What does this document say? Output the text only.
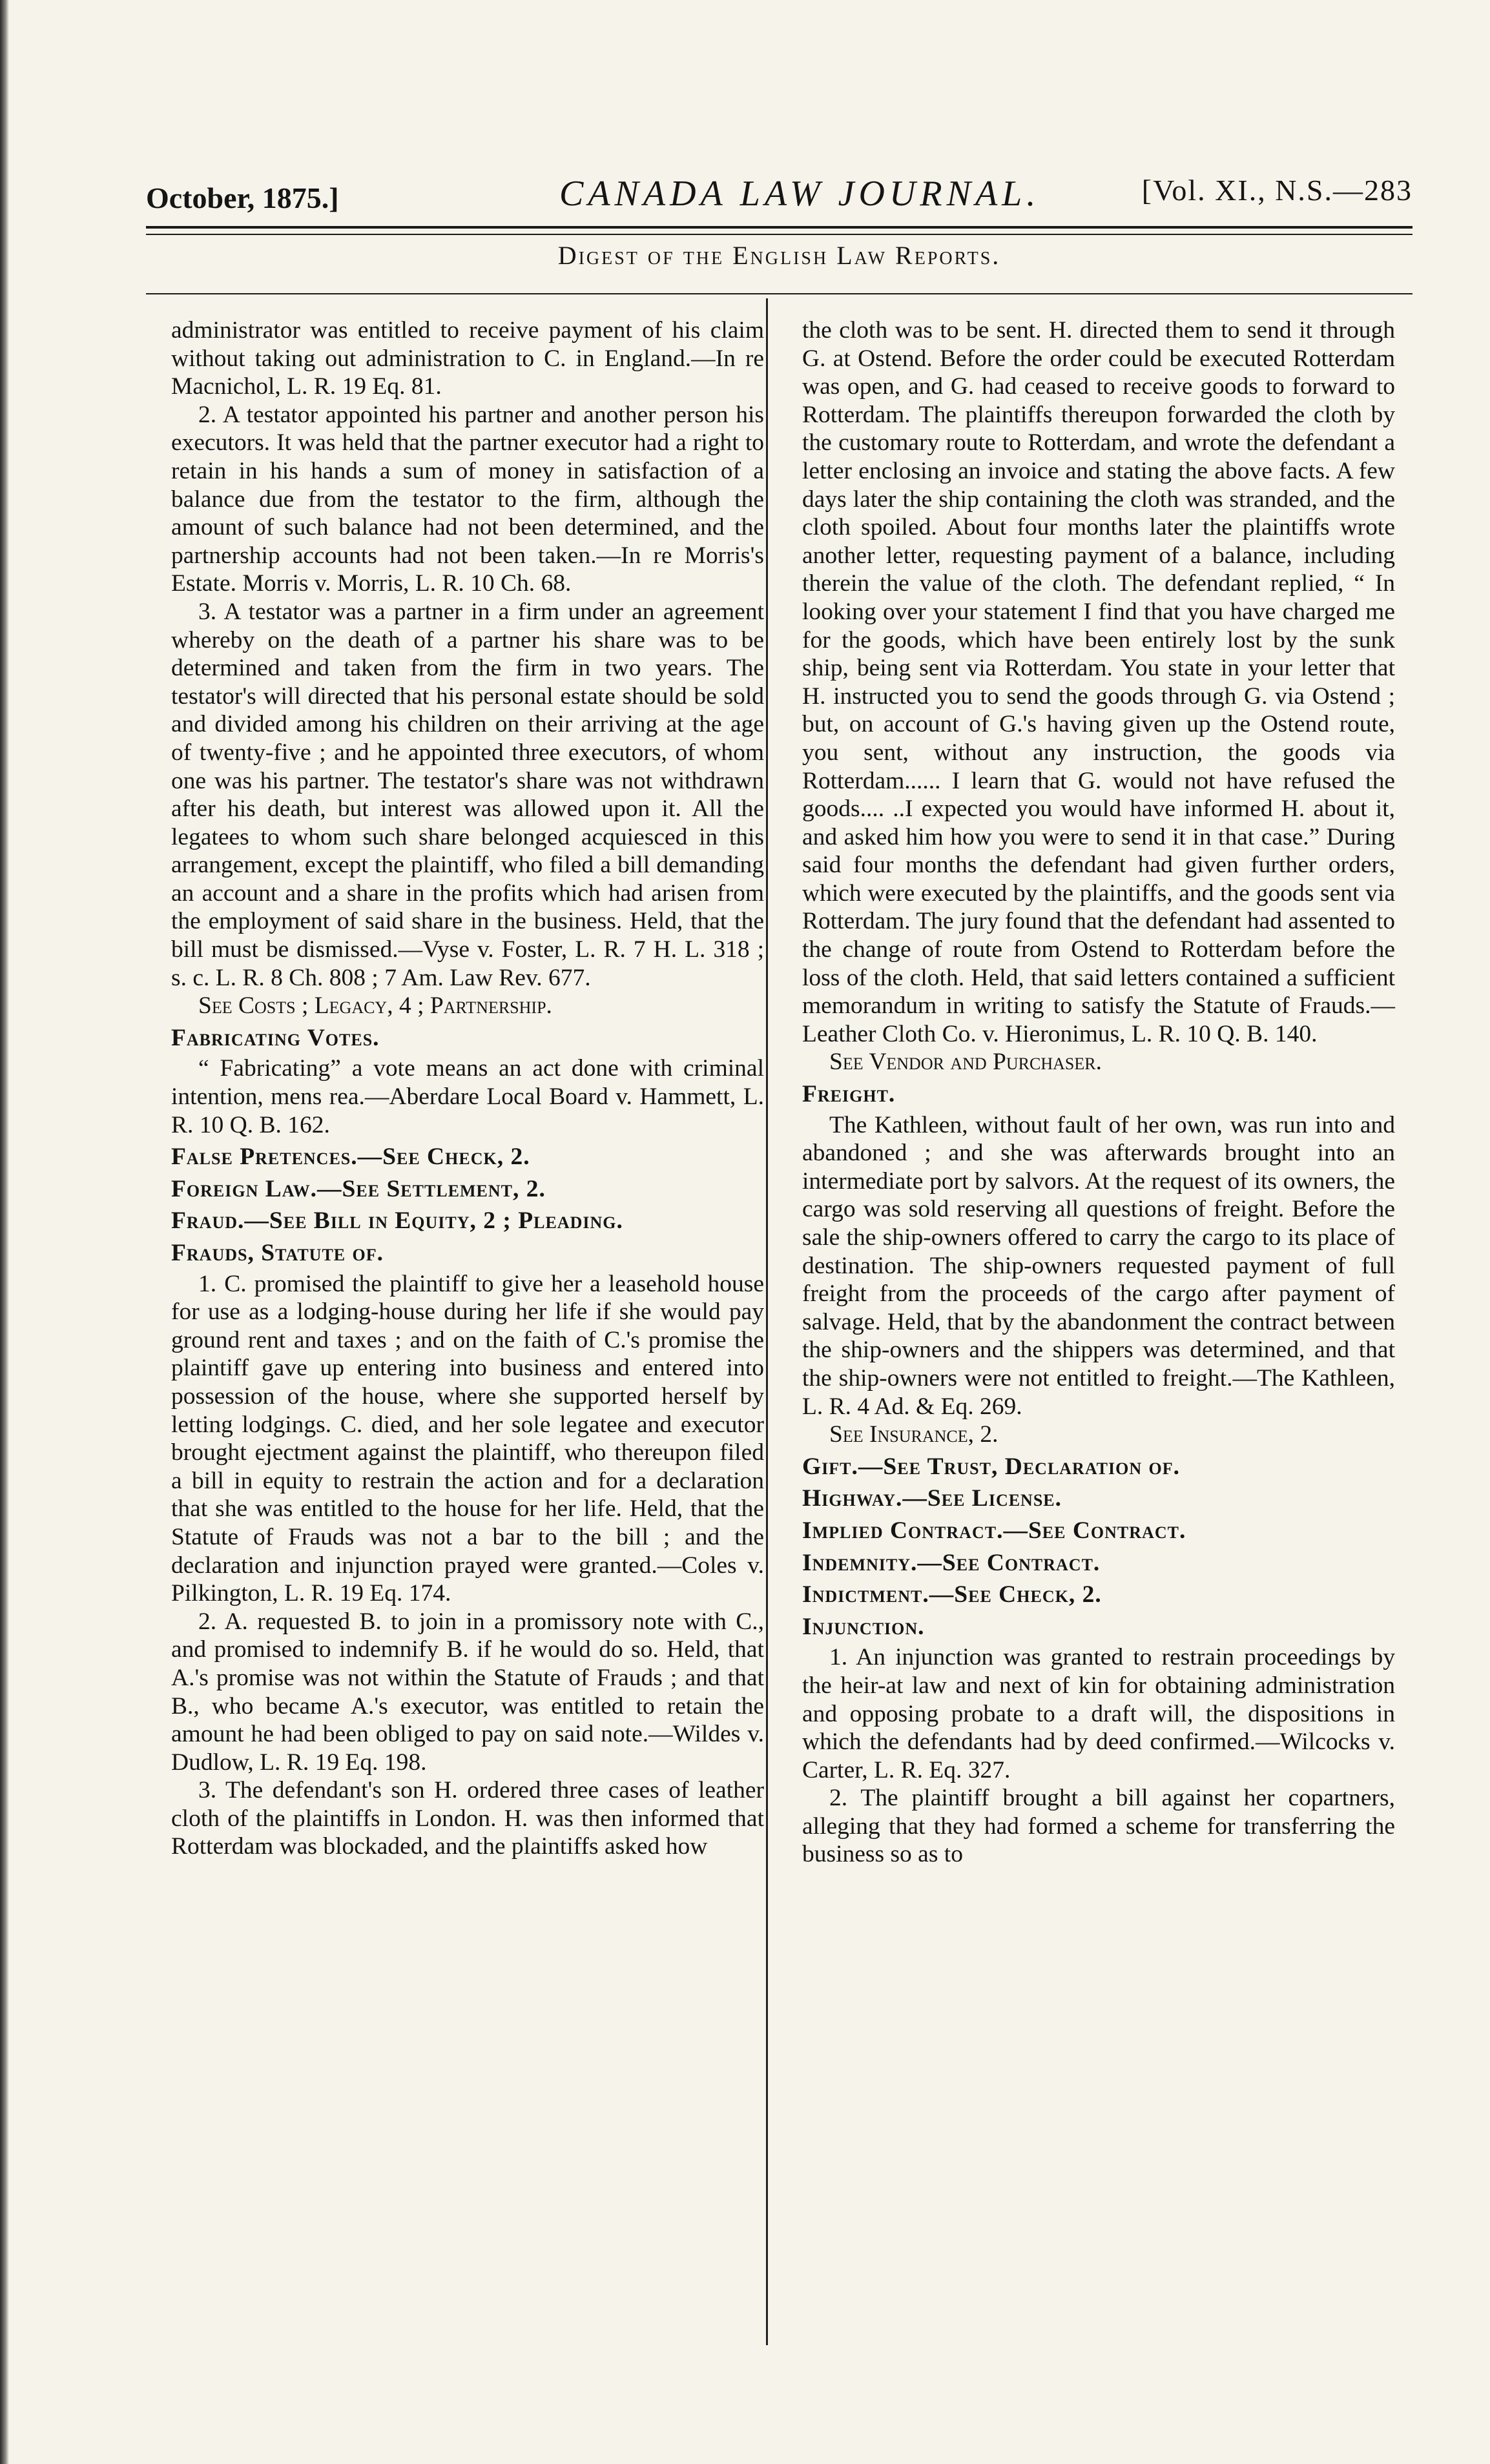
October, 1875.]	CANADA LAW JOURNAL.	[Vol. XI., N.S.—283
Digest of the English Law Reports.

administrator was entitled to receive payment of his claim without taking out administration to C. in England.—In re Macnichol, L. R. 19 Eq. 81.

2. A testator appointed his partner and another person his executors. It was held that the partner executor had a right to retain in his hands a sum of money in satisfaction of a balance due from the testator to the firm, although the amount of such balance had not been determined, and the partnership accounts had not been taken.—In re Morris's Estate. Morris v. Morris, L. R. 10 Ch. 68.

3. A testator was a partner in a firm under an agreement whereby on the death of a partner his share was to be determined and taken from the firm in two years. The testator's will directed that his personal estate should be sold and divided among his children on their arriving at the age of twenty-five ; and he appointed three executors, of whom one was his partner. The testator's share was not withdrawn after his death, but interest was allowed upon it. All the legatees to whom such share belonged acquiesced in this arrangement, except the plaintiff, who filed a bill demanding an account and a share in the profits which had arisen from the employment of said share in the business. Held, that the bill must be dismissed.—Vyse v. Foster, L. R. 7 H. L. 318 ; s. c. L. R. 8 Ch. 808 ; 7 Am. Law Rev. 677.

See Costs ; Legacy, 4 ; Partnership.

Fabricating Votes.

“ Fabricating” a vote means an act done with criminal intention, mens rea.—Aberdare Local Board v. Hammett, L. R. 10 Q. B. 162.

False Pretences.—See Check, 2.

Foreign Law.—See Settlement, 2.

Fraud.—See Bill in Equity, 2 ; Pleading.

Frauds, Statute of.

1. C. promised the plaintiff to give her a leasehold house for use as a lodging-house during her life if she would pay ground rent and taxes ; and on the faith of C.'s promise the plaintiff gave up entering into business and entered into possession of the house, where she supported herself by letting lodgings. C. died, and her sole legatee and executor brought ejectment against the plaintiff, who thereupon filed a bill in equity to restrain the action and for a declaration that she was entitled to the house for her life. Held, that the Statute of Frauds was not a bar to the bill ; and the declaration and injunction prayed were granted.—Coles v. Pilkington, L. R. 19 Eq. 174.

2. A. requested B. to join in a promissory note with C., and promised to indemnify B. if he would do so. Held, that A.'s promise was not within the Statute of Frauds ; and that B., who became A.'s executor, was entitled to retain the amount he had been obliged to pay on said note.—Wildes v. Dudlow, L. R. 19 Eq. 198.

3. The defendant's son H. ordered three cases of leather cloth of the plaintiffs in London. H. was then informed that Rotterdam was blockaded, and the plaintiffs asked how

the cloth was to be sent. H. directed them to send it through G. at Ostend. Before the order could be executed Rotterdam was open, and G. had ceased to receive goods to forward to Rotterdam. The plaintiffs thereupon forwarded the cloth by the customary route to Rotterdam, and wrote the defendant a letter enclosing an invoice and stating the above facts. A few days later the ship containing the cloth was stranded, and the cloth spoiled. About four months later the plaintiffs wrote another letter, requesting payment of a balance, including therein the value of the cloth. The defendant replied, “ In looking over your statement I find that you have charged me for the goods, which have been entirely lost by the sunk ship, being sent via Rotterdam. You state in your letter that H. instructed you to send the goods through G. via Ostend ; but, on account of G.'s having given up the Ostend route, you sent, without any instruction, the goods via Rotterdam...... I learn that G. would not have refused the goods.... ..I expected you would have informed H. about it, and asked him how you were to send it in that case.” During said four months the defendant had given further orders, which were executed by the plaintiffs, and the goods sent via Rotterdam. The jury found that the defendant had assented to the change of route from Ostend to Rotterdam before the loss of the cloth. Held, that said letters contained a sufficient memorandum in writing to satisfy the Statute of Frauds.—Leather Cloth Co. v. Hieronimus, L. R. 10 Q. B. 140.

See Vendor and Purchaser.

Freight.

The Kathleen, without fault of her own, was run into and abandoned ; and she was afterwards brought into an intermediate port by salvors. At the request of its owners, the cargo was sold reserving all questions of freight. Before the sale the ship-owners offered to carry the cargo to its place of destination. The ship-owners requested payment of full freight from the proceeds of the cargo after payment of salvage. Held, that by the abandonment the contract between the ship-owners and the shippers was determined, and that the ship-owners were not entitled to freight.—The Kathleen, L. R. 4 Ad. & Eq. 269.

See Insurance, 2.

Gift.—See Trust, Declaration of.

Highway.—See License.

Implied Contract.—See Contract.

Indemnity.—See Contract.

Indictment.—See Check, 2.

Injunction.

1. An injunction was granted to restrain proceedings by the heir-at law and next of kin for obtaining administration and opposing probate to a draft will, the dispositions in which the defendants had by deed confirmed.—Wilcocks v. Carter, L. R. Eq. 327.

2. The plaintiff brought a bill against her copartners, alleging that they had formed a scheme for transferring the business so as to
